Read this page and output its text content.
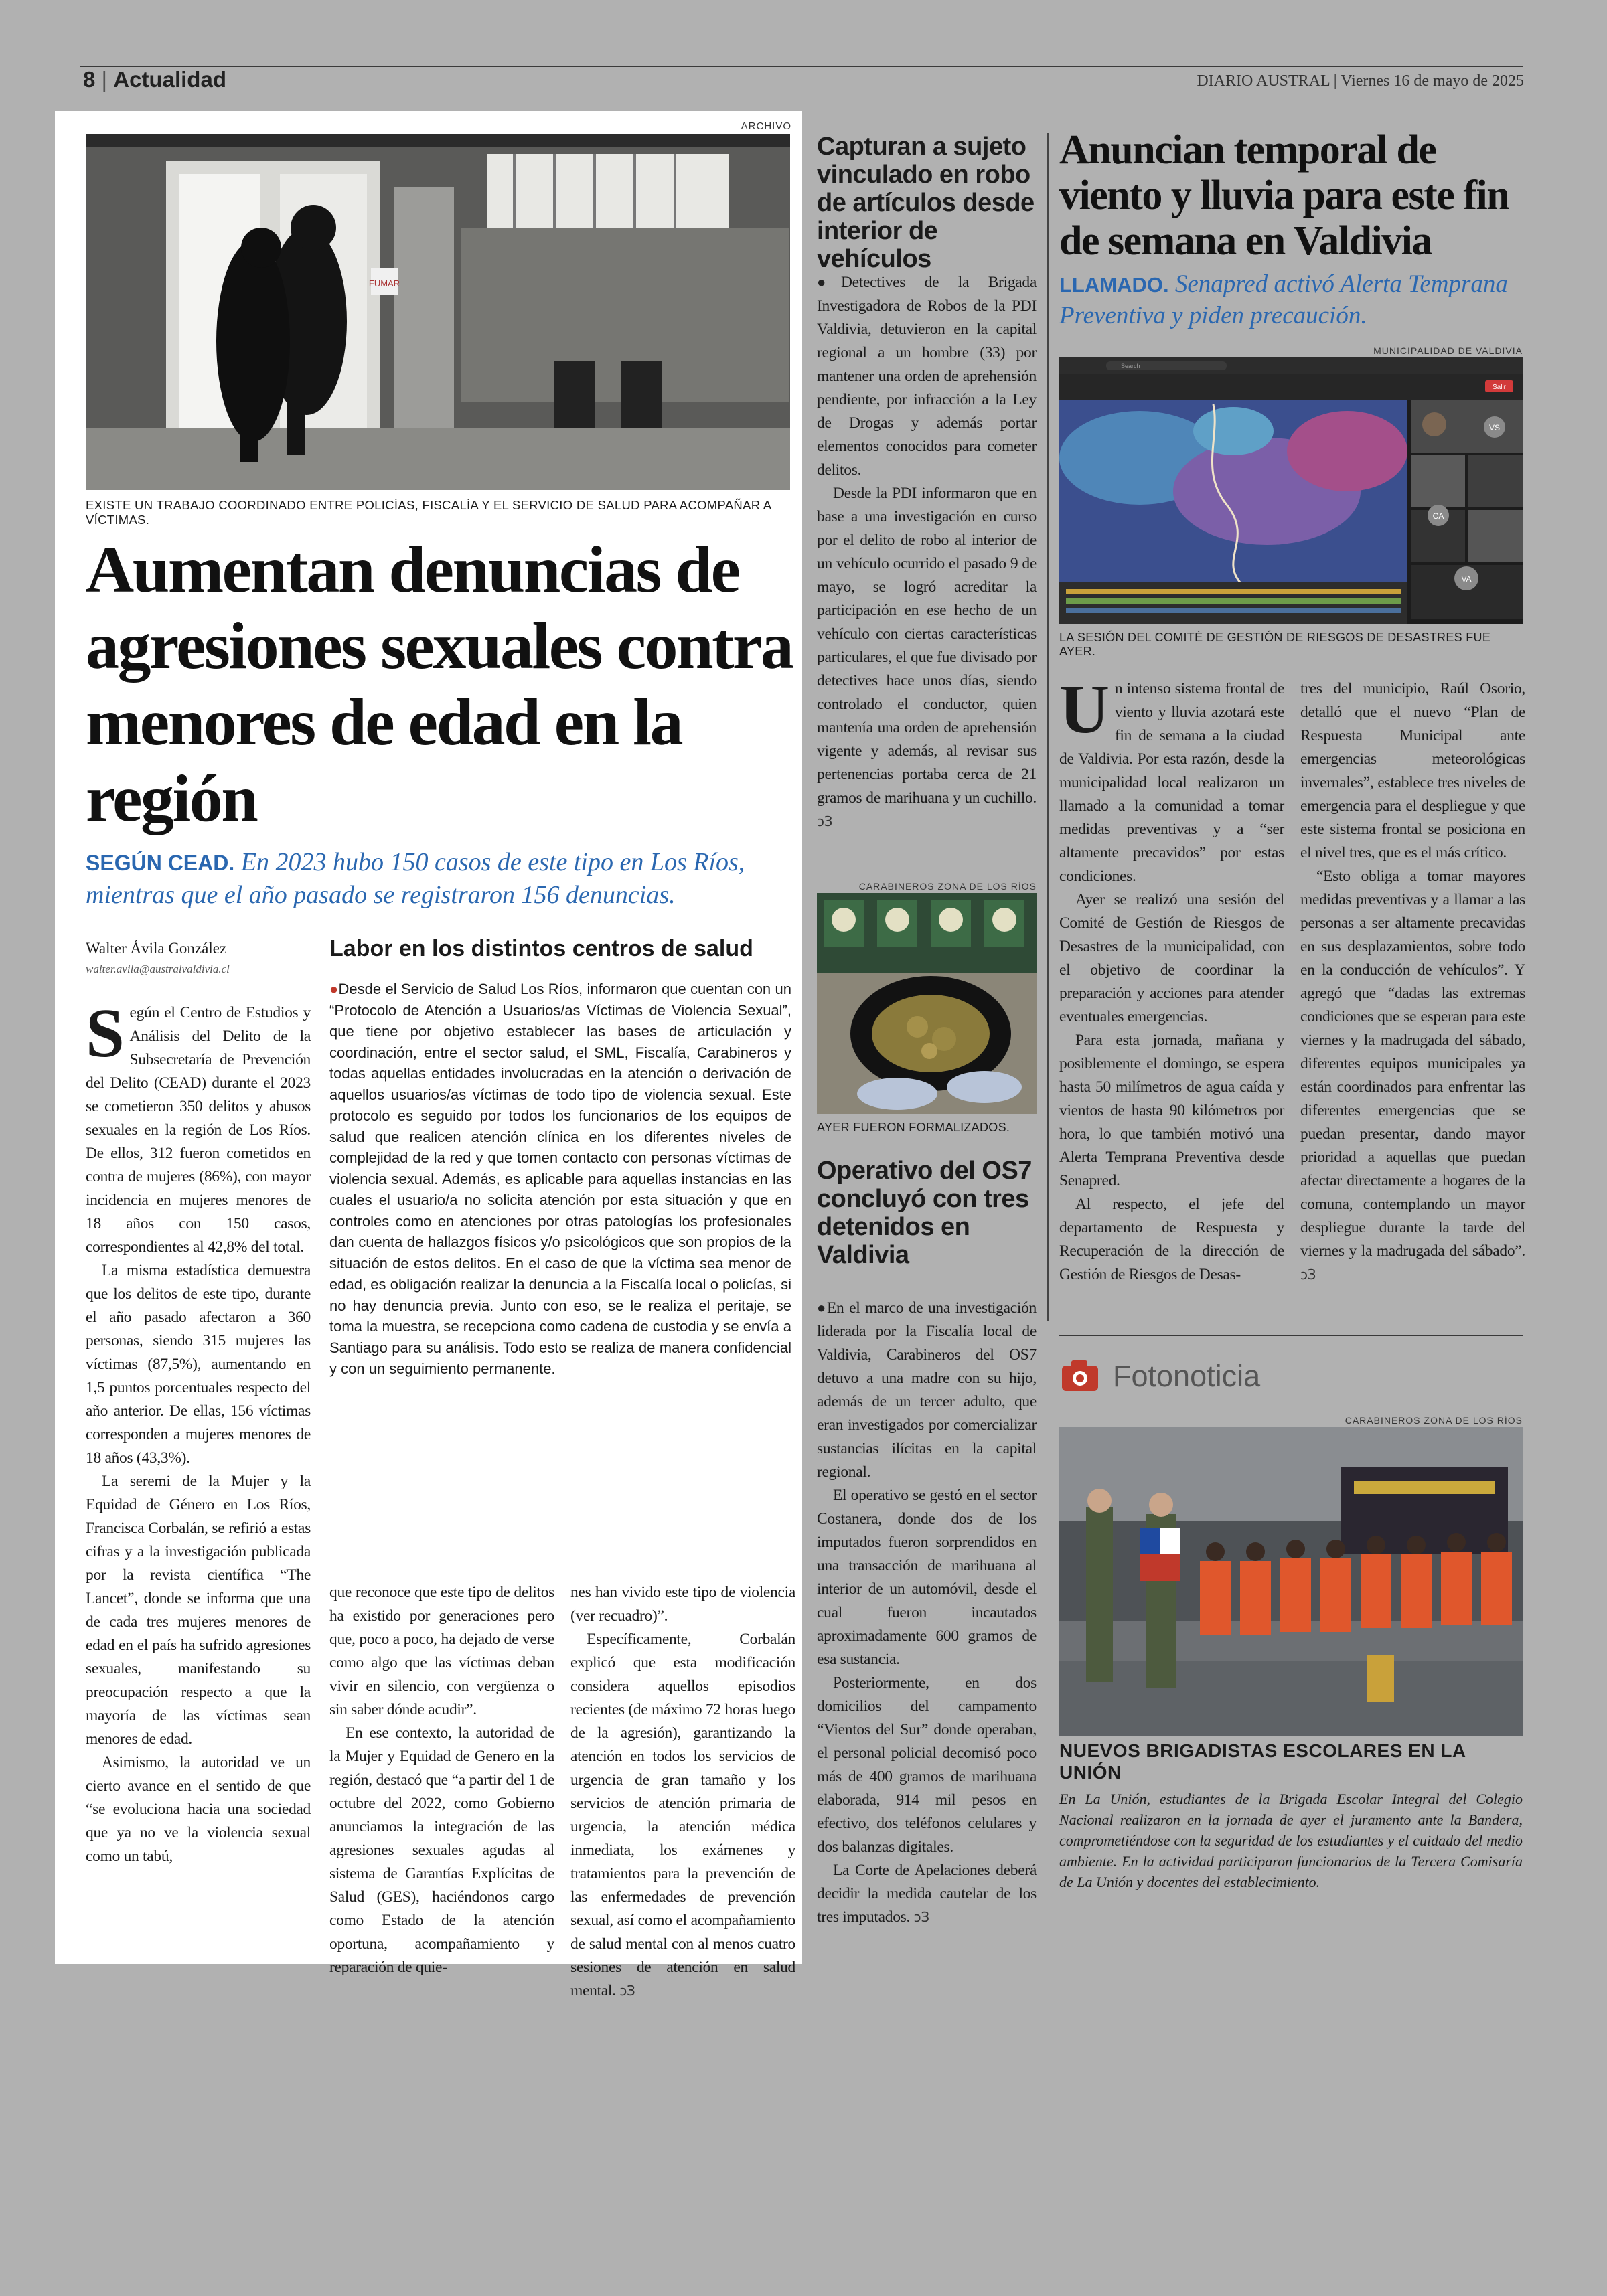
8 | Actualidad	DIARIO AUSTRAL | Viernes 16 de mayo de 2025
ARCHIVO
FUMAR
EXISTE UN TRABAJO COORDINADO ENTRE POLICÍAS, FISCALÍA Y EL SERVICIO DE SALUD PARA ACOMPAÑAR A VÍCTIMAS.
Aumentan denuncias de agresiones sexuales contra menores de edad en la región
SEGÚN CEAD. En 2023 hubo 150 casos de este tipo en Los Ríos, mientras que el año pasado se registraron 156 denuncias.
Walter Ávila González
walter.avila@australvaldivia.cl
Labor en los distintos centros de salud
●Desde el Servicio de Salud Los Ríos, informaron que cuentan con un “Protocolo de Atención a Usuarios/as Víctimas de Violencia Sexual”, que tiene por objetivo establecer las bases de articulación y coordinación, entre el sector salud, el SML, Fiscalía, Carabineros y todas aquellas entidades involucradas en la atención o derivación de aquellos usuarios/as víctimas de todo tipo de violencia sexual. Este protocolo es seguido por todos los funcionarios de los equipos de salud que realicen atención clínica en los diferentes niveles de complejidad de la red y que tomen contacto con personas víctimas de violencia sexual. Además, es aplicable para aquellas instancias en las cuales el usuario/a no solicita atención por esta situación y que en controles como en atenciones por otras patologías los profesionales dan cuenta de hallazgos físicos y/o psicológicos que son propios de la situación de estos delitos. En el caso de que la víctima sea menor de edad, es obligación realizar la denuncia a la Fiscalía local o policías, si no hay denuncia previa. Junto con eso, se le realiza el peritaje, se toma la muestra, se recepciona como cadena de custodia y se envía a Santiago para su análisis. Todo esto se realiza de manera confidencial y con un seguimiento permanente.

Según el Centro de Estudios y Análisis del Delito de la Subsecretaría de Prevención del Delito (CEAD) durante el 2023 se cometieron 350 delitos y abusos sexuales en la región de Los Ríos. De ellos, 312 fueron cometidos en contra de mujeres (86%), con mayor incidencia en mujeres menores de 18 años con 150 casos, correspondientes al 42,8% del total.

La misma estadística demuestra que los delitos de este tipo, durante el año pasado afectaron a 360 personas, siendo 315 mujeres las víctimas (87,5%), aumentando en 1,5 puntos porcentuales respecto del año anterior. De ellas, 156 víctimas corresponden a mujeres menores de 18 años (43,3%).

La seremi de la Mujer y la Equidad de Género en Los Ríos, Francisca Corbalán, se refirió a estas cifras y a la investigación publicada por la revista científica “The Lancet”, donde se informa que una de cada tres mujeres menores de edad en el país ha sufrido agresiones sexuales, manifestando su preocupación respecto a que la mayoría de las víctimas sean menores de edad.

Asimismo, la autoridad ve un cierto avance en el sentido de que “se evoluciona hacia una sociedad que ya no ve la violencia sexual como un tabú,

que reconoce que este tipo de delitos ha existido por generaciones pero que, poco a poco, ha dejado de verse como algo que las víctimas deban vivir en silencio, con vergüenza o sin saber dónde acudir”.

En ese contexto, la autoridad de la Mujer y Equidad de Genero en la región, destacó que “a partir del 1 de octubre del 2022, como Gobierno anunciamos la integración de las agresiones sexuales agudas al sistema de Garantías Explícitas de Salud (GES), haciéndonos cargo como Estado de la atención oportuna, acompañamiento y reparación de quie-

nes han vivido este tipo de violencia (ver recuadro)”.

Específicamente, Corbalán explicó que esta modificación considera aquellos episodios recientes (de máximo 72 horas luego de la agresión), garantizando la atención en todos los servicios de urgencia de gran tamaño y los servicios de atención primaria de urgencia, la atención médica inmediata, los exámenes y tratamientos para la prevención de las enfermedades de prevención sexual, así como el acompañamiento de salud mental con al menos cuatro sesiones de atención en salud mental. ↄЗ

Capturan a sujeto vinculado en robo de artículos desde interior de vehículos

●Detectives de la Brigada Investigadora de Robos de la PDI Valdivia, detuvieron en la capital regional a un hombre (33) por mantener una orden de aprehensión pendiente, por infracción a la Ley de Drogas y además portar elementos conocidos para cometer delitos.

Desde la PDI informaron que en base a una investigación en curso por el delito de robo al interior de un vehículo ocurrido el pasado 9 de mayo, se logró acreditar la participación en ese hecho de un vehículo con ciertas características particulares, el que fue divisado por detectives hace unos días, siendo controlado el conductor, quien mantenía una orden de aprehensión vigente y además, al revisar sus pertenencias portaba cerca de 21 gramos de marihuana y un cuchillo. ↄЗ

CARABINEROS ZONA DE LOS RÍOS
AYER FUERON FORMALIZADOS.
Operativo del OS7 concluyó con tres detenidos en Valdivia

●En el marco de una investigación liderada por la Fiscalía local de Valdivia, Carabineros del OS7 detuvo a una madre con su hijo, además de un tercer adulto, que eran investigados por comercializar sustancias ilícitas en la capital regional.

El operativo se gestó en el sector Costanera, donde dos de los imputados fueron sorprendidos en una transacción de marihuana al interior de un automóvil, desde el cual fueron incautados aproximadamente 600 gramos de esa sustancia.

Posteriormente, en dos domicilios del campamento “Vientos del Sur” donde operaban, el personal policial decomisó poco más de 400 gramos de marihuana elaborada, 914 mil pesos en efectivo, dos teléfonos celulares y dos balanzas digitales.

La Corte de Apelaciones deberá decidir la medida cautelar de los tres imputados. ↄЗ

Anuncian temporal de viento y lluvia para este fin de semana en Valdivia
LLAMADO. Senapred activó Alerta Temprana Preventiva y piden precaución.
MUNICIPALIDAD DE VALDIVIA
Search
Salir
VS
CA
VA
LA SESIÓN DEL COMITÉ DE GESTIÓN DE RIESGOS DE DESASTRES FUE AYER.

Un intenso sistema frontal de viento y lluvia azotará este fin de semana a la ciudad de Valdivia. Por esta razón, desde la municipalidad local realizaron un llamado a la comunidad a tomar medidas preventivas y a “ser altamente precavidos” por estas condiciones.

Ayer se realizó una sesión del Comité de Gestión de Riesgos de Desastres de la municipalidad, con el objetivo de coordinar la preparación y acciones para atender eventuales emergencias.

Para esta jornada, mañana y posiblemente el domingo, se espera hasta 50 milímetros de agua caída y vientos de hasta 90 kilómetros por hora, lo que también motivó una Alerta Temprana Preventiva desde Senapred.

Al respecto, el jefe del departamento de Respuesta y Recuperación de la dirección de Gestión de Riesgos de Desas-

tres del municipio, Raúl Osorio, detalló que el nuevo “Plan de Respuesta Municipal ante emergencias meteorológicas invernales”, establece tres niveles de emergencia para el despliegue y que este sistema frontal se posiciona en el nivel tres, que es el más crítico.

“Esto obliga a tomar mayores medidas preventivas y a llamar a las personas a ser altamente precavidas en sus desplazamientos, sobre todo en la conducción de vehículos”. Y agregó que “dadas las extremas condiciones que se esperan para este viernes y la madrugada del sábado, diferentes equipos municipales ya están coordinados para enfrentar las diferentes emergencias que se puedan presentar, dando mayor prioridad a aquellas que puedan afectar directamente a hogares de la comuna, contemplando un mayor despliegue durante la tarde del viernes y la madrugada del sábado”. ↄЗ

Fotonoticia
CARABINEROS ZONA DE LOS RÍOS
NUEVOS BRIGADISTAS ESCOLARES EN LA UNIÓN
En La Unión, estudiantes de la Brigada Escolar Integral del Colegio Nacional realizaron en la jornada de ayer el juramento ante la Bandera, comprometiéndose con la seguridad de los estudiantes y el cuidado del medio ambiente. En la actividad participaron funcionarios de la Tercera Comisaría de La Unión y docentes del establecimiento.
